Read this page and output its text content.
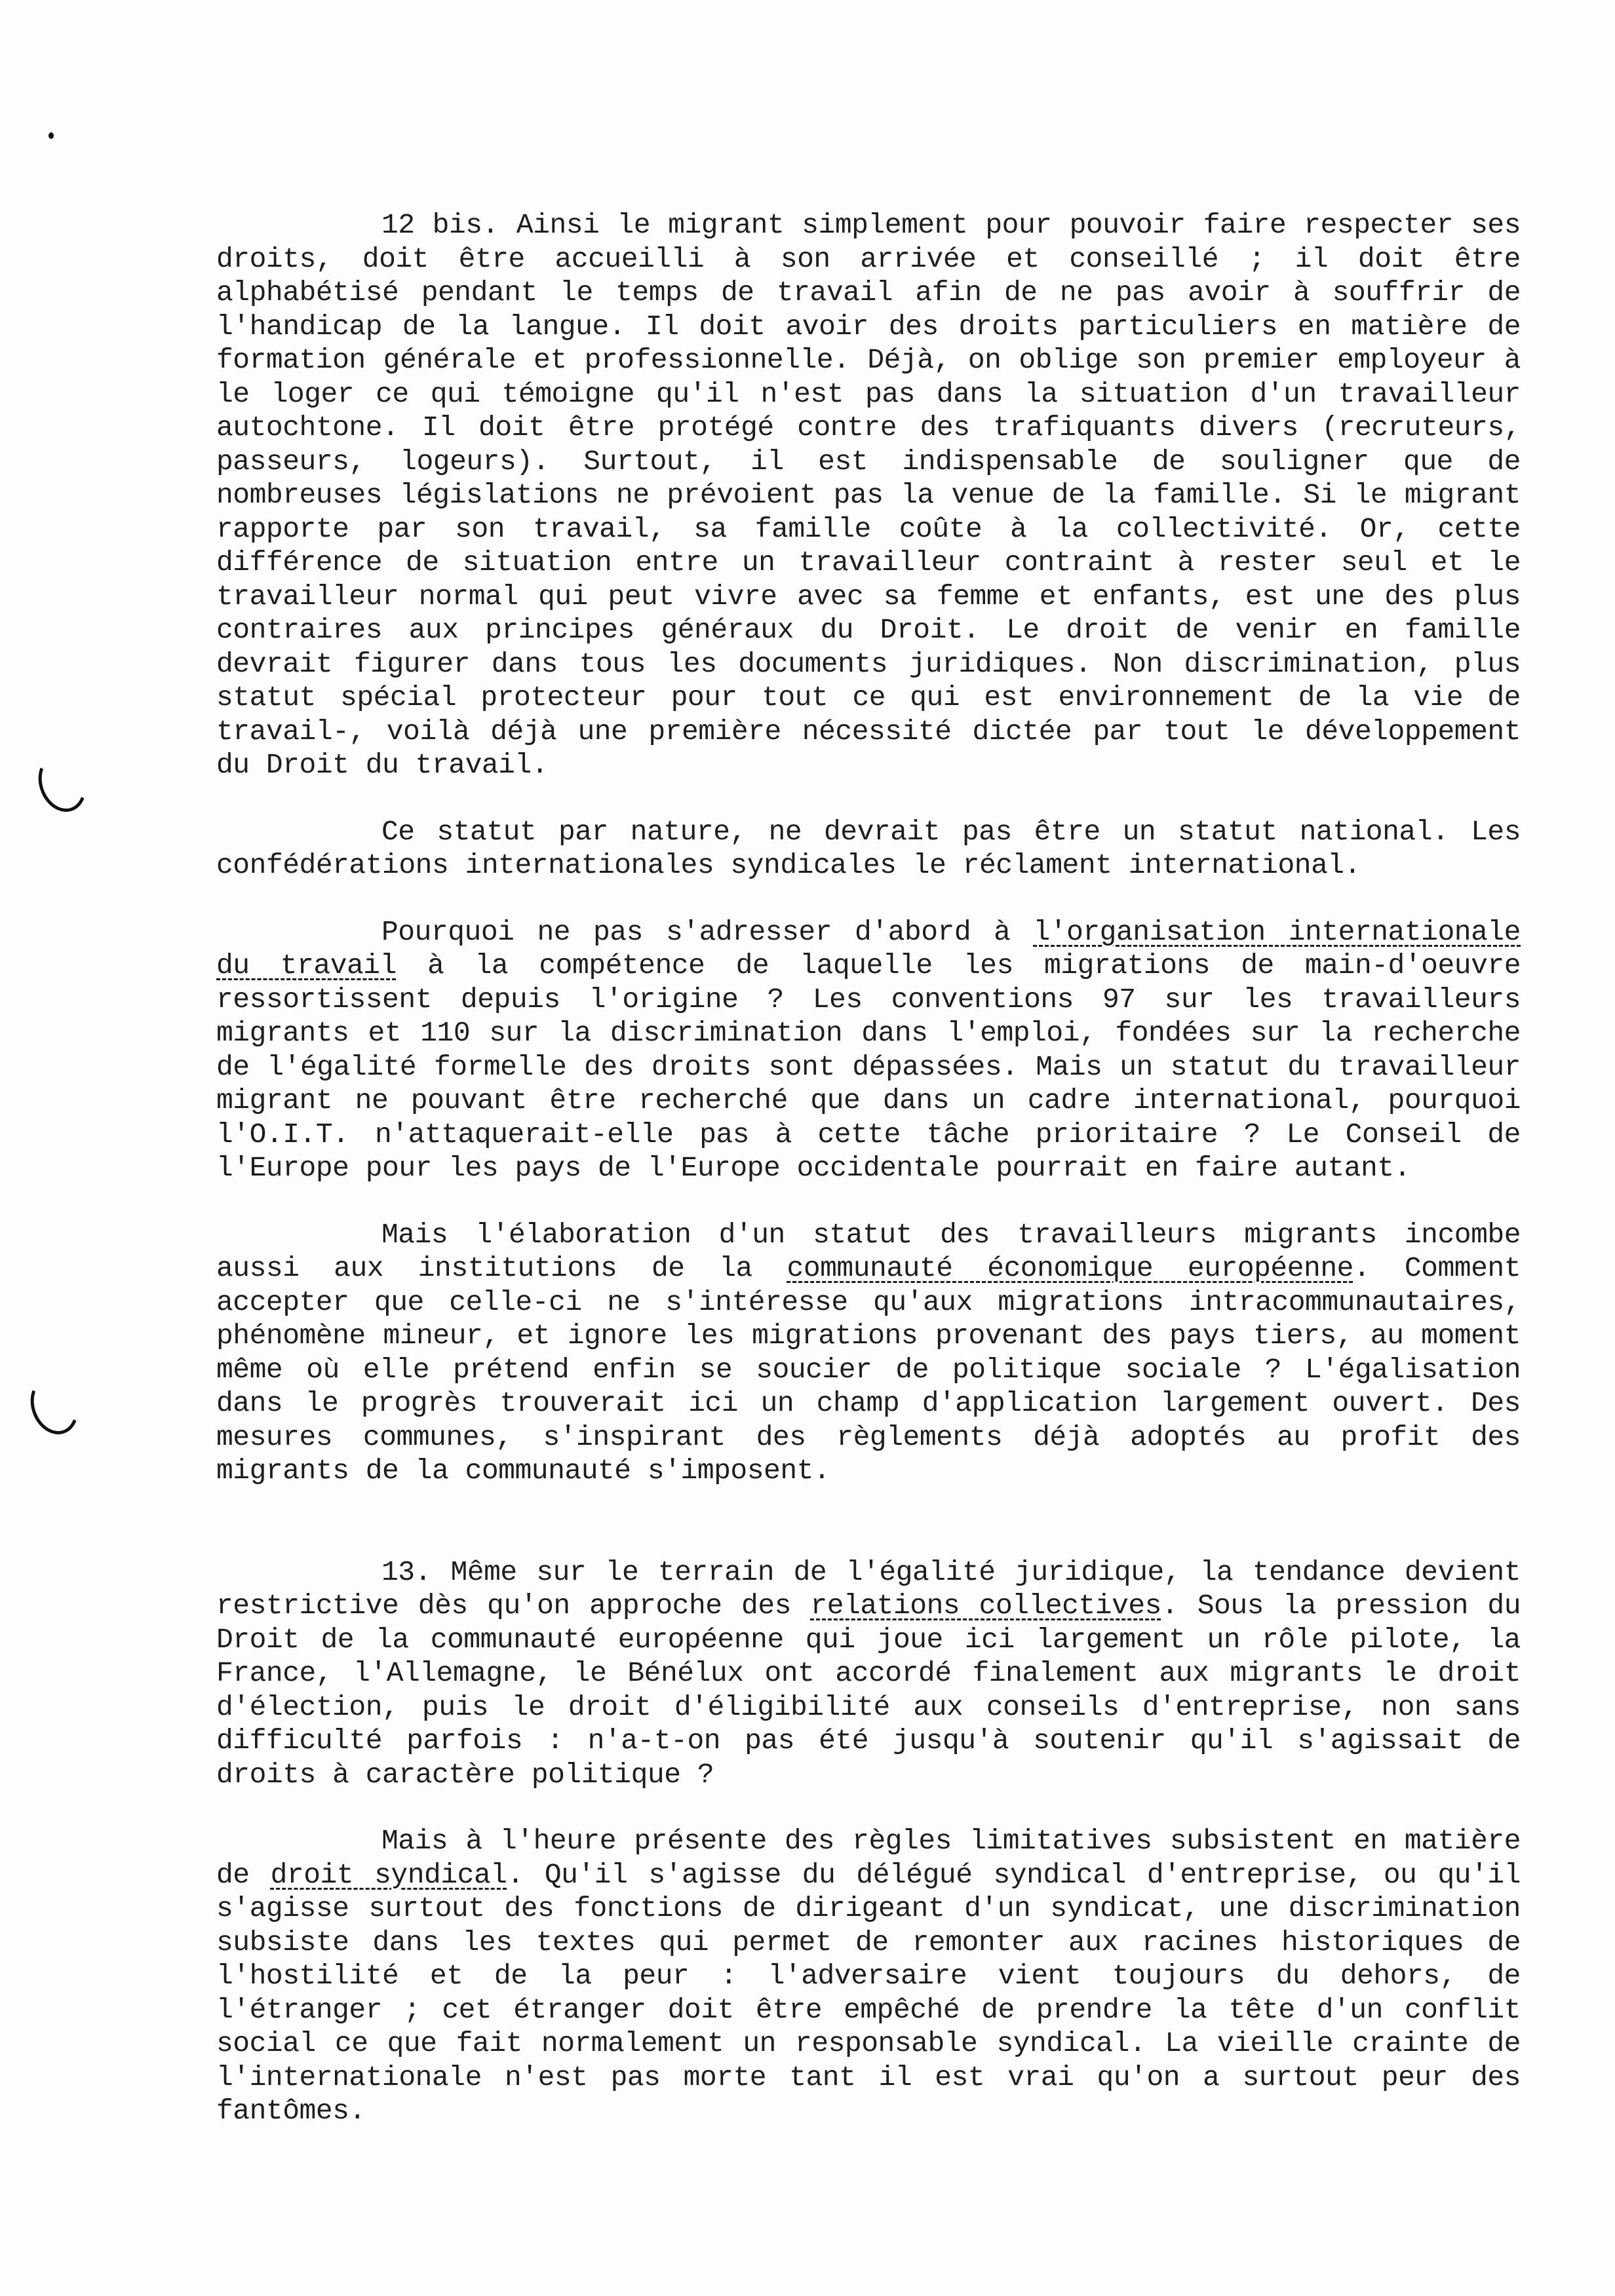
12 bis. Ainsi le migrant simplement pour pouvoir faire respecter ses droits, doit être accueilli à son arrivée et conseillé ; il doit être alphabétisé pendant le temps de travail afin de ne pas avoir à souffrir de l'handicap de la langue. Il doit avoir des droits particuliers en matière de formation générale et professionnelle. Déjà, on oblige son premier employeur à le loger ce qui témoigne qu'il n'est pas dans la situation d'un travailleur autochtone. Il doit être protégé contre des trafiquants divers (recruteurs, passeurs, logeurs). Surtout, il est indispensable de souligner que de nombreuses législations ne prévoient pas la venue de la famille. Si le migrant rapporte par son travail, sa famille coûte à la collectivité. Or, cette différence de situation entre un travailleur contraint à rester seul et le travailleur normal qui peut vivre avec sa femme et enfants, est une des plus contraires aux principes généraux du Droit. Le droit de venir en famille devrait figurer dans tous les documents juridiques. Non discrimination, plus statut spécial protecteur pour tout ce qui est environnement de la vie de travail-, voilà déjà une première nécessité dictée par tout le développement du Droit du travail.

Ce statut par nature, ne devrait pas être un statut national. Les confédérations internationales syndicales le réclament international.

Pourquoi ne pas s'adresser d'abord à l'organisation internationale du travail à la compétence de laquelle les migrations de main-d'oeuvre ressortissent depuis l'origine ? Les conventions 97 sur les travailleurs migrants et 110 sur la discrimination dans l'emploi, fondées sur la recherche de l'égalité formelle des droits sont dépassées. Mais un statut du travailleur migrant ne pouvant être recherché que dans un cadre international, pourquoi l'O.I.T. n'attaquerait-elle pas à cette tâche prioritaire ? Le Conseil de l'Europe pour les pays de l'Europe occidentale pourrait en faire autant.

Mais l'élaboration d'un statut des travailleurs migrants incombe aussi aux institutions de la communauté économique européenne. Comment accepter que celle-ci ne s'intéresse qu'aux migrations intracommunautaires, phénomène mineur, et ignore les migrations provenant des pays tiers, au moment même où elle prétend enfin se soucier de politique sociale ? L'égalisation dans le progrès trouverait ici un champ d'application largement ouvert. Des mesures communes, s'inspirant des règlements déjà adoptés au profit des migrants de la communauté s'imposent.

13. Même sur le terrain de l'égalité juridique, la tendance devient restrictive dès qu'on approche des relations collectives. Sous la pression du Droit de la communauté européenne qui joue ici largement un rôle pilote, la France, l'Allemagne, le Bénélux ont accordé finalement aux migrants le droit d'élection, puis le droit d'éligibilité aux conseils d'entreprise, non sans difficulté parfois : n'a-t-on pas été jusqu'à soutenir qu'il s'agissait de droits à caractère politique ?

Mais à l'heure présente des règles limitatives subsistent en matière de droit syndical. Qu'il s'agisse du délégué syndical d'entreprise, ou qu'il s'agisse surtout des fonctions de dirigeant d'un syndicat, une discrimination subsiste dans les textes qui permet de remonter aux racines historiques de l'hostilité et de la peur : l'adversaire vient toujours du dehors, de l'étranger ; cet étranger doit être empêché de prendre la tête d'un conflit social ce que fait normalement un responsable syndical. La vieille crainte de l'internationale n'est pas morte tant il est vrai qu'on a surtout peur des fantômes.
